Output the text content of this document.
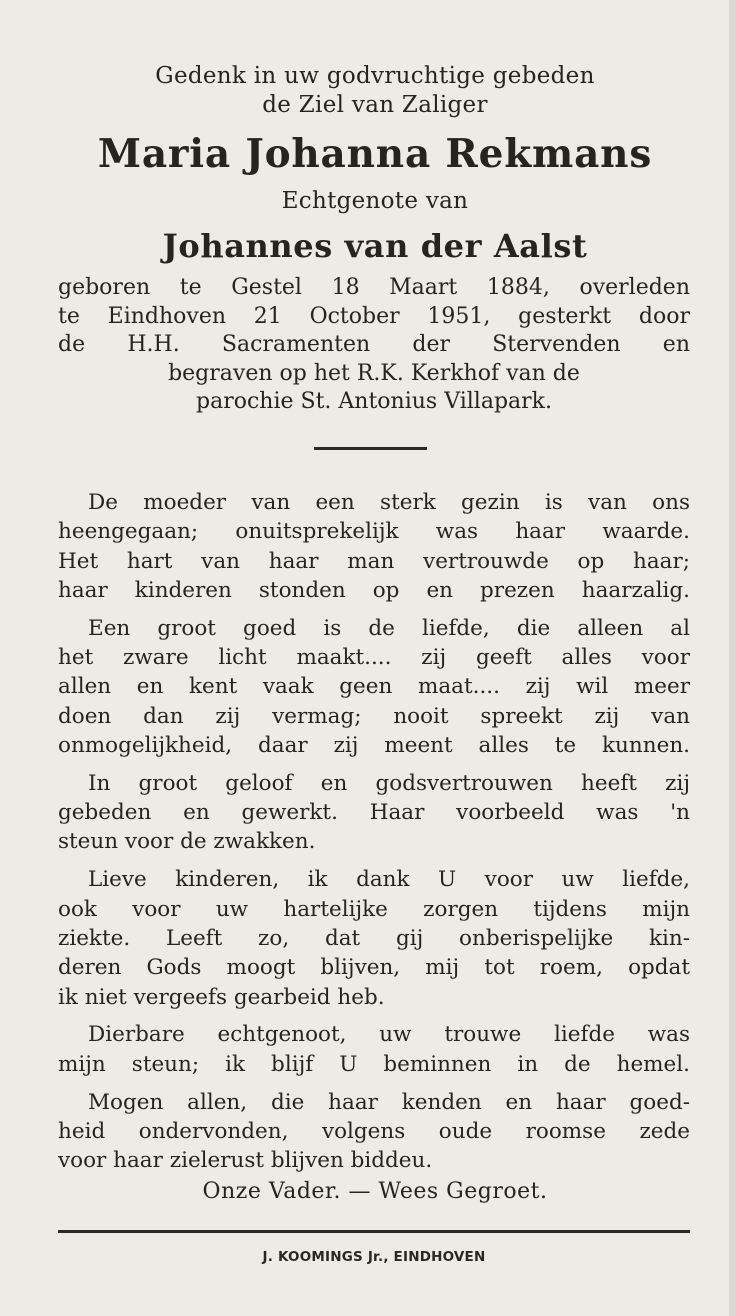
Gedenk in uw godvruchtige gebeden
de Ziel van Zaliger
Maria Johanna Rekmans
Echtgenote van
Johannes van der Aalst
geboren te Gestel 18 Maart 1884, overleden
te Eindhoven 21 October 1951, gesterkt door
de H.H. Sacramenten der Stervenden en
begraven op het R.K. Kerkhof van de
parochie St. Antonius Villapark.
De moeder van een sterk gezin is van ons
heengegaan; onuitsprekelijk was haar waarde.
Het hart van haar man vertrouwde op haar;
haar kinderen stonden op en prezen haarzalig.
Een groot goed is de liefde, die alleen al
het zware licht maakt.... zij geeft alles voor
allen en kent vaak geen maat.... zij wil meer
doen dan zij vermag; nooit spreekt zij van
onmogelijkheid, daar zij meent alles te kunnen.
In groot geloof en godsvertrouwen heeft zij
gebeden en gewerkt. Haar voorbeeld was 'n
steun voor de zwakken.
Lieve kinderen, ik dank U voor uw liefde,
ook voor uw hartelijke zorgen tijdens mijn
ziekte. Leeft zo, dat gij onberispelijke kin-
deren Gods moogt blijven, mij tot roem, opdat
ik niet vergeefs gearbeid heb.
Dierbare echtgenoot, uw trouwe liefde was
mijn steun; ik blijf U beminnen in de hemel.
Mogen allen, die haar kenden en haar goed-
heid ondervonden, volgens oude roomse zede
voor haar zielerust blijven biddeu.
Onze Vader. — Wees Gegroet.
J. KOOMINGS Jr., EINDHOVEN
